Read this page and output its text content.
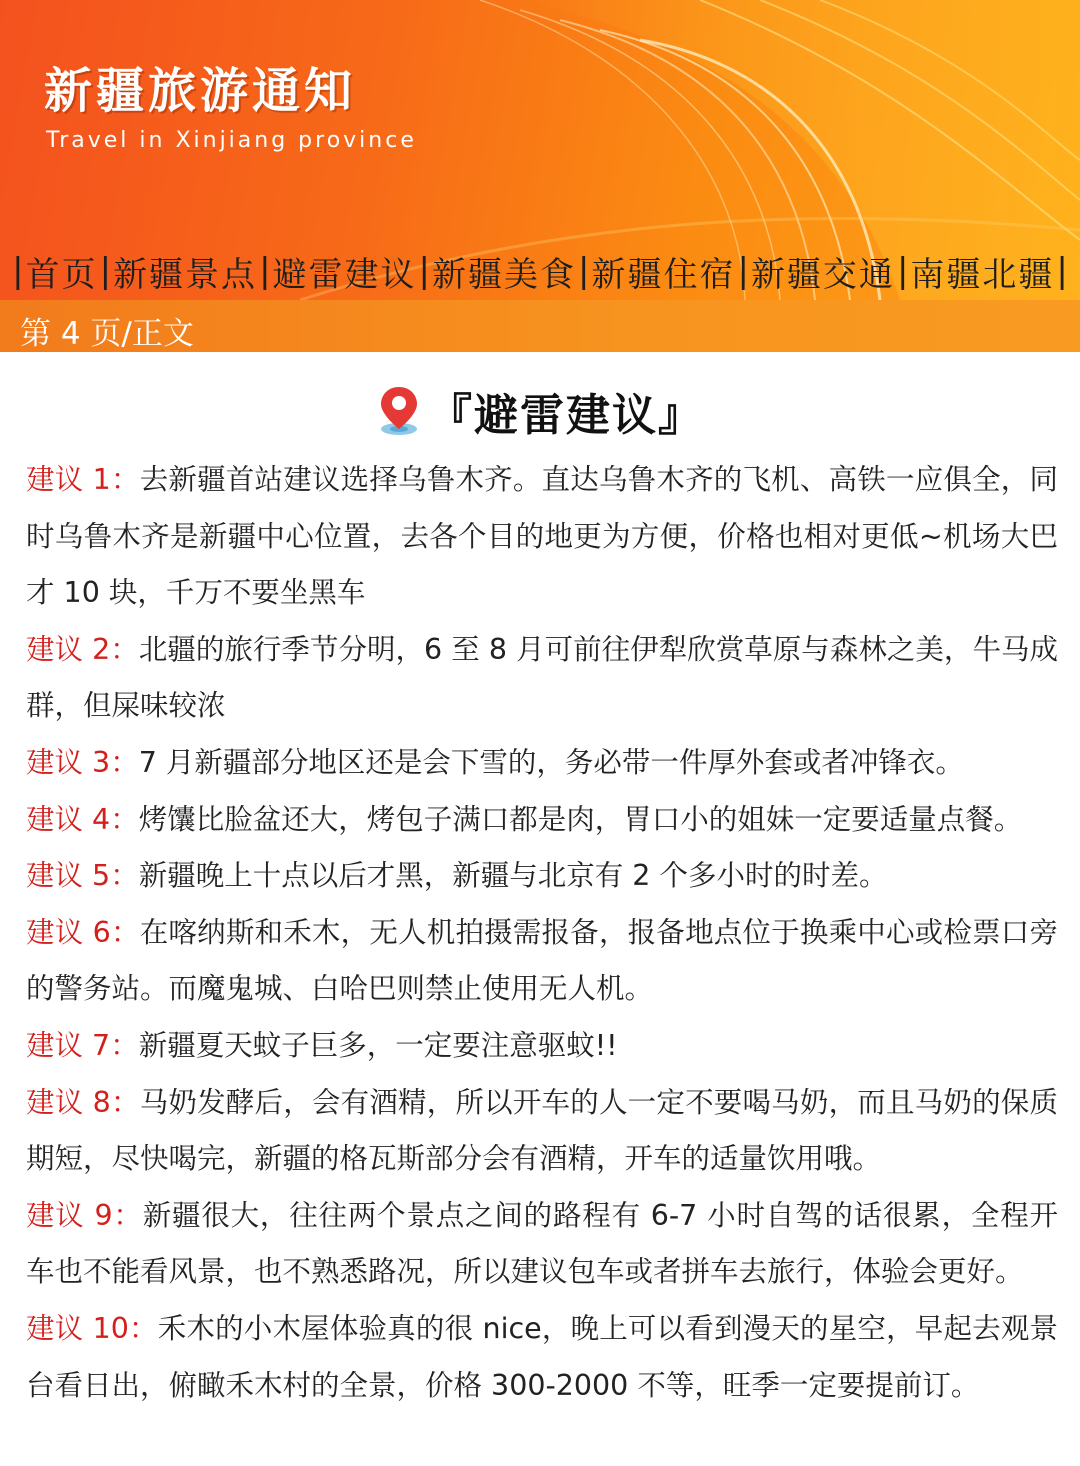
新疆旅游通知
Travel in Xinjiang province
| 首页 | 新疆景点 | 避雷建议 | 新疆美食 | 新疆住宿 | 新疆交通 | 南疆北疆 |
第 4 页/正文
『避雷建议』

建议 1：去新疆首站建议选择乌鲁木齐。直达乌鲁木齐的飞机、高铁一应俱全，同时乌鲁木齐是新疆中心位置，去各个目的地更为方便，价格也相对更低~机场大巴才 10 块，千万不要坐黑车

建议 2：北疆的旅行季节分明，6 至 8 月可前往伊犁欣赏草原与森林之美，牛马成群，但屎味较浓

建议 3：7 月新疆部分地区还是会下雪的，务必带一件厚外套或者冲锋衣。

建议 4：烤馕比脸盆还大，烤包子满口都是肉，胃口小的姐妹一定要适量点餐。

建议 5：新疆晚上十点以后才黑，新疆与北京有 2 个多小时的时差。

建议 6：在喀纳斯和禾木，无人机拍摄需报备，报备地点位于换乘中心或检票口旁的警务站。而魔鬼城、白哈巴则禁止使用无人机。

建议 7：新疆夏天蚊子巨多，一定要注意驱蚊!!

建议 8：马奶发酵后，会有酒精，所以开车的人一定不要喝马奶，而且马奶的保质期短，尽快喝完，新疆的格瓦斯部分会有酒精，开车的适量饮用哦。

建议 9：新疆很大，往往两个景点之间的路程有 6-7 小时自驾的话很累，全程开车也不能看风景，也不熟悉路况，所以建议包车或者拼车去旅行，体验会更好。

建议 10：禾木的小木屋体验真的很 nice，晚上可以看到漫天的星空，早起去观景台看日出，俯瞰禾木村的全景，价格 300-2000 不等，旺季一定要提前订。
